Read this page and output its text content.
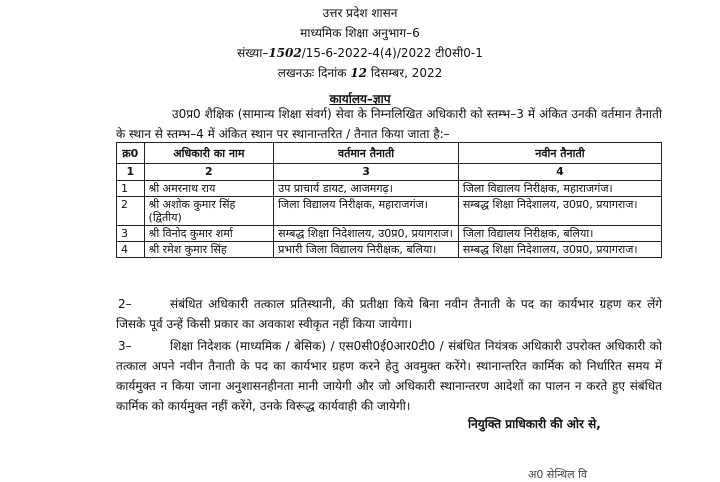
उत्तर प्रदेश शासन
माध्यमिक शिक्षा अनुभाग–6
संख्या–1502/15-6-2022-4(4)/2022 टी0सी0-1
लखनऊः दिनांक 12 दिसम्बर, 2022
कार्यालय–ज्ञाप

उ0प्र0 शैक्षिक (सामान्य शिक्षा संवर्ग) सेवा के निम्नलिखित अधिकारी को स्तम्भ–3 में अंकित उनकी वर्तमान तैनाती के स्थान से स्तम्भ–4 में अंकित स्थान पर स्थानान्तरित / तैनात किया जाता है:–

क्र0	अधिकारी का नाम	वर्तमान तैनाती	नवीन तैनाती
1	2	3	4
1	श्री अमरनाथ राय	उप प्राचार्य डायट, आजमगढ़।	जिला विद्यालय निरीक्षक, महाराजगंज।
2	श्री अशोक कुमार सिंह (द्वितीय)	जिला विद्यालय निरीक्षक, महाराजगंज।	सम्बद्ध शिक्षा निदेशालय, उ0प्र0, प्रयागराज।
3	श्री विनोद कुमार शर्मा	सम्बद्ध शिक्षा निदेशालय, उ0प्र0, प्रयागराज।	जिला विद्यालय निरीक्षक, बलिया।
4	श्री रमेश कुमार सिंह	प्रभारी जिला विद्यालय निरीक्षक, बलिया।	सम्बद्ध शिक्षा निदेशालय, उ0प्र0, प्रयागराज।
2–	संबंधित अधिकारी तत्काल प्रतिस्थानी, की प्रतीक्षा किये बिना नवीन तैनाती के पद का कार्यभार ग्रहण कर लेंगे जिसके पूर्व उन्हें किसी प्रकार का अवकाश स्वीकृत नहीं किया जायेगा।

3–	शिक्षा निदेशक (माध्यमिक / बेसिक) / एस0सी0ई0आर0टी0 / संबंधित नियंत्रक अधिकारी उपरोक्त अधिकारी को तत्काल अपने नवीन तैनाती के पद का कार्यभार ग्रहण करने हेतु अवमुक्त करेंगे। स्थानान्तरित कार्मिक को निर्धारित समय में कार्यमुक्त न किया जाना अनुशासनहीनता मानी जायेगी और जो अधिकारी स्थानान्तरण आदेशों का पालन न करते हुए संबंधित कार्मिक को कार्यमुक्त नहीं करेंगे, उनके विरूद्ध कार्यवाही की जायेगी।

नियुक्ति प्राधिकारी की ओर से,
अ0 सेन्थिल वि
